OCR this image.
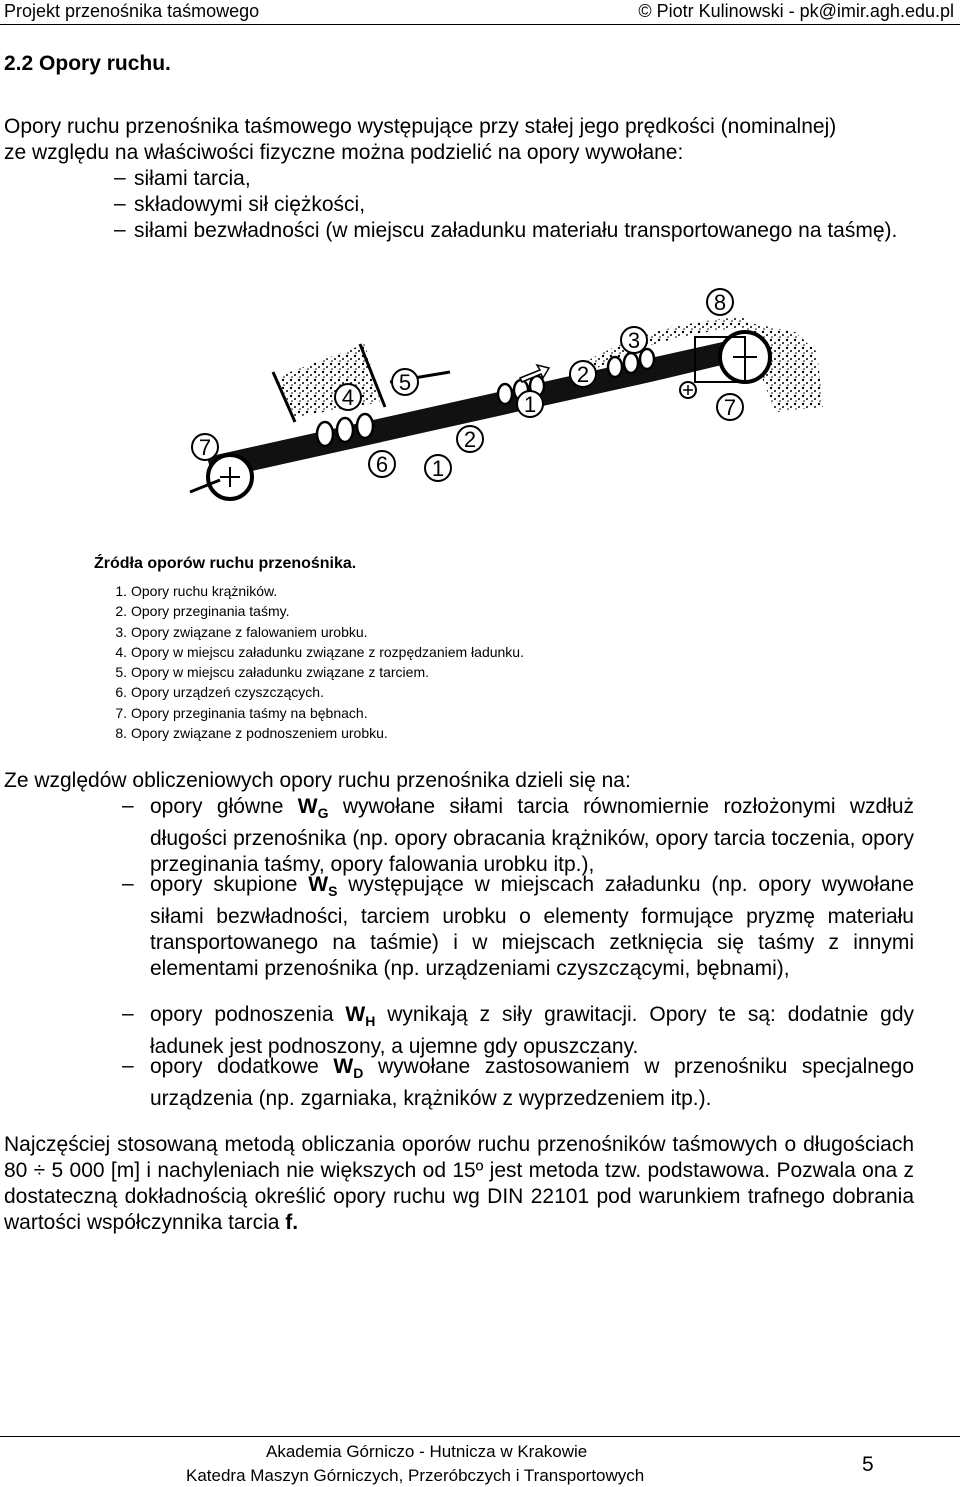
Projekt przenośnika taśmowego	© Piotr Kulinowski - pk@imir.agh.edu.pl
2.2 Opory ruchu.
Opory ruchu przenośnika taśmowego występujące przy stałej jego prędkości (nominalnej)
ze względu na właściwości fizyczne można podzielić na opory wywołane:
– siłami tarcia,
– składowymi sił ciężkości,
– siłami bezwładności (w miejscu załadunku materiału transportowanego na taśmę).
7
4
5
6 1
2
1
2
3
8
7
Źródła oporów ruchu przenośnika.
1. Opory ruchu krążników.
2. Opory przeginania taśmy.
3. Opory związane z falowaniem urobku.
4. Opory w miejscu załadunku związane z rozpędzaniem ładunku.
5. Opory w miejscu załadunku związane z tarciem.
6. Opory urządzeń czyszczących.
7. Opory przeginania taśmy na bębnach.
8. Opory związane z podnoszeniem urobku.
Ze względów obliczeniowych opory ruchu przenośnika dzieli się na:
– opory główne $W_G$ wywołane siłami tarcia równomiernie rozłożonymi wzdłuż długości przenośnika (np. opory obracania krążników, opory tarcia toczenia, opory przeginania taśmy, opory falowania urobku itp.),
– opory skupione $W_S$ występujące w miejscach załadunku (np. opory wywołane siłami bezwładności, tarciem urobku o elementy formujące pryzmę materiału transportowanego na taśmie) i w miejscach zetknięcia się taśmy z innymi elementami przenośnika (np. urządzeniami czyszczącymi, bębnami),
– opory podnoszenia $W_H$ wynikają z siły grawitacji. Opory te są: dodatnie gdy ładunek jest podnoszony, a ujemne gdy opuszczany.
– opory dodatkowe $W_D$ wywołane zastosowaniem w przenośniku specjalnego urządzenia (np. zgarniaka, krążników z wyprzedzeniem itp.).
Najczęściej stosowaną metodą obliczania oporów ruchu przenośników taśmowych o długościach 80 ÷ 5 000 [m] i nachyleniach nie większych od 15º jest metoda tzw. podstawowa. Pozwala ona z dostateczną dokładnością określić opory ruchu wg DIN 22101 pod warunkiem trafnego dobrania wartości współczynnika tarcia f.
Akademia Górniczo - Hutnicza w Krakowie
Katedra Maszyn Górniczych, Przeróbczych i Transportowych	5
